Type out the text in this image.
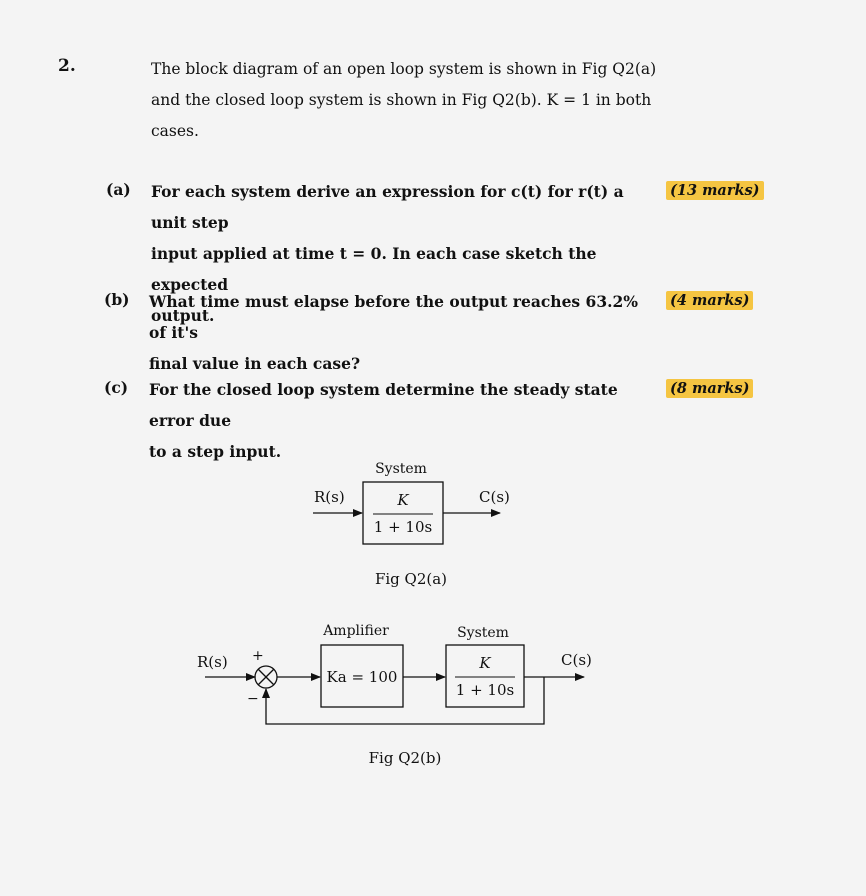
2.	The block diagram of an open loop system is shown in Fig Q2(a)
and the closed loop system is shown in Fig Q2(b). K = 1 in both
cases.
(a) For each system derive an expression for c(t) for r(t) a unit step
input applied at time t = 0. In each case sketch the expected
output.
(13 marks)
(b) What time must elapse before the output reaches 63.2% of it's
final value in each case?
(4 marks)
(c) For the closed loop system determine the steady state error due
to a step input.
(8 marks)
System
K
1 + 10s
R(s)	C(s)
Fig Q2(a)
R(s) +
Amplifier
Ka = 100
System
K
1 + 10s
C(s)
−
Fig Q2(b)
